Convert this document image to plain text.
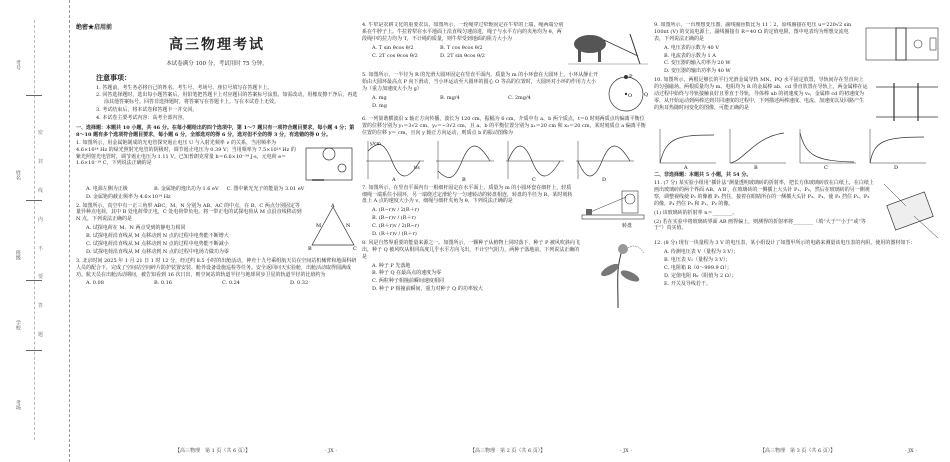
考号
姓名
班级
学校
考场
密
封
线
内
不
要
答
题
绝密★启用前
高三物理考试
本试卷满分 100 分，考试用时 75 分钟。
注意事项：

1. 答题前，考生务必将自己的姓名、考生号、考场号、座位号填写在答题卡上。

2. 回答选择题时，选出每小题答案后，用铅笔把答题卡上对应题目的答案标号涂黑。如需改动，用橡皮擦干净后，再选涂其他答案标号。回答非选择题时，将答案写在答题卡上。写在本试卷上无效。

3. 考试结束后，将本试卷和答题卡一并交回。

4. 本试卷主要考试内容：高考全部内容。

一、选择题：本题共 10 小题，共 46 分。在每小题给出的四个选项中，第 1～7 题只有一项符合题目要求，每小题 4 分；第 8～10 题有多个选项符合题目要求，每小题 6 分，全部选对的得 6 分，选对但不全的得 3 分，有选错的得 0 分。
1. 如图所示，用金属铯制成的光电管探究遏止电压 U 与入射光频率 ν 的关系，当用频率为 4.6×10¹⁴ Hz 的绿光照射光电管的阴极时，调节遏止电压为 0.39 V；当用频率为 7.5×10¹⁴ Hz 的紫光照射光电管时，调节遏止电压为 1.11 V。已知普朗克常量 h＝6.6×10⁻³⁴ J·s，元电荷 e＝1.6×10⁻¹⁹ C，下列说法正确的是
A. 电源左侧为正极	B. 金属铯的逸出功为 1.6 eV C. 图中紫光光子的能量为 3.01 eV
D. 金属铯的截止频率为 4.6×10¹⁴ Hz
2. 如图所示，真空中有一正三角形 ABC，M、N 分别为 AB、AC 的中点，在 B、C 两点分别固定等量异种点电荷，其中 B 处电荷带正电，C 处电荷带负电，将一带正电的试探电荷从 M 点沿直线移动到 N 点，下列说法正确的是
A. 试探电荷在 M、N 两点受到的静电力相同
B. 试探电荷沿直线从 M 点移动到 N 点的过程中电势能不断增大
C. 试探电荷沿直线从 M 点移动到 N 点的过程中电势能不断减小
D. 试探电荷沿直线从 M 点移动到 N 点的过程中电场力做功为零
A
B	C
M	N
3. 北京时间 2025 年 1 月 21 日 1 时 12 分，经过约 8.5 小时的出舱活动，神舟十九号乘组航天员在空间站机械臂和地面科研人员的配合下，完成了空间站空间碎片防护装置安装、舱外设备设施巡检等任务。安全返回问天实验舱，出舱活动取得圆满成功。航天员在出舱活动期间，被告知看到 16 次日出，则空间站的轨道半径与地球同步卫星的轨道半径的比值约为
A. 0.08	B. 0.16	C. 0.24	D. 0.32
4. 牛犁是农耕文化的重要农具，如图所示，一轮绳穿过犁轭固定在牛犁的上端，绳两端分别系在牛脖子上。牛拉着犁在水平地面上沿直线匀速前进，绳子与水平方向的夹角均为 θ，两段绳中的拉力均为 T，不计绳的质量，则牛犁受到地面的阻力大小为
A. T sin θcos θ/2	B. T cos θcos θ/2
C. 2T cos θcos θ/2	D. 2T sin θcos θ/2
5. 如图所示，一半径为 R 的光滑大圆环固定在竖直平面内，质量为 m 的小环套在大圆环上，小环从静止开始由大圆环最高点 P 向下滑动，当小环运动至大圆环的圆心 O 等高的位置时，大圆环对小环的作用力大小为（重力加速度大小为 g）
A. mg	B. mg/4	C. 2mg/4
D. mg
O
P
Q
6. 一列简谐横波沿 x 轴正方向传播，波长为 120 cm，振幅为 6 cm，介质中有 a、b 两个质点，t＝0 时刻两质点均偏离平衡位置的位移分别为 y₁＝3√2 cm、y₂＝−3√2 cm，且 a、b 的平衡位置分别为 x₁＝20 cm 和 x₂＝20 cm，某时刻质点 a 偏离平衡位置的位移 y＝ cm，且向 y 轴正方向运动，则质点 b 的振动图像为
y/cm
t/s
A	B	C	D
7. 如图所示，在竖直平面内有一根细杆固定在水平面上，质量为 m 的小圆环套在细杆上，轻质细绳一端系住小圆环，另一端绕过定滑轮与一匀速转动的转盘相连，转盘的半径为 R，某时刻转盘上 A 点的速度大小为 v，细绳与细杆夹角为 θ，下列说法正确的是
A. (R−r)v / 2(R＋r)
B. (R−r)v / (R＋r)
C. (R＋r)v / 2(R−r)
D. (R＋r)v / (R＋r)
转盘
8. 风是自然界重要的能量来源之一。如图所示，一颗种子从植物上同时落下，种子 P 被风吹斜向飞出，种子 Q 被风吹从相同高度几乎水平方向飞出，不计空气阻力，两种子落地前，下列说法正确的是
A. 种子 P 先落地
B. 种子 Q 在最高点的速度为零
C. 两粒种子相撞前瞬间速度相同
D. 种子 P 相撞前瞬间，重力对种子 Q 的功率较大
9. 如图所示，一台理想变压器，副线圈匝数比为 11∶2，原线圈接在电压 u＝220√2 sin 100πt (V) 的交流电源上，副线圈接有 R＝40 Ω 的定值电阻，图中电表均为理想交流电表，下列说法正确的是
A. 电压表的示数为 40 V
B. 电流表的示数为 1 A
C. 变压器的输入功率为 20 W
D. 变压器的输出功率为 40 W
10. 如图所示，两根足够长的平行光滑金属导轨 MN、PQ 水平固定放置，导轨间存在竖直向上的匀强磁场。两根质量均为 m、电阻均为 R 的金属棒 ab、cd 垂直放置在导轨上，两金属棒在运动过程中始终与导轨接触良好且垂直于导轨，导体棒 ab 的初速度为 v₀，金属棒 cd 的初速度为零，从开始运动到两棒达到共同速度的过程中，下列描述两棒速度、电流、加速度以及回路产生的焦耳热随时间变化的图像，可能正确的是
A	B	C	D
二、非选择题：本题共 5 小题，共 54 分。
11. (7 分) 某实验小组用“插针法”测量透明玻璃砖的折射率，把长方体玻璃砖放在白纸上，在白纸上画出玻璃砖的两个界面 AB、A′B′，在玻璃砖的一侧插上大头针 P₁、P₂，然后在玻璃砖的另一侧观察，调整视线使 P₁ 的像被 P₂ 挡住，接着在眼睛所在的一侧插大头针 P₃、P₄，使 P₃ 挡住 P₁、P₂ 的像，P₄ 挡住 P₃ 和 P₁、P₂ 的像。
(1) 该玻璃砖的折射率 n＝________。
(2) 若在实验中将玻璃砖界面 AB 画得偏上，则测得的折射率将________（填“大于”“小于”或“等于”）真实值。
12. (8 分) 现有一块量程为 3 V 的电压表，某小组设计了如图甲所示的电路来测量该电压表的内阻，使用的器材如下：
A. 待测电压表 V（量程为 3 V）；
B. 电压表 V₁（量程为 3 V）；
C. 电阻箱 R（0～999.9 Ω）；
D. 定值电阻 R₀（阻值为 2 Ω）；
E. 开关及导线若干。
【高三物理　第 1 页（共 6 页）】	· JX ·	【高三物理　第 2 页（共 6 页）】	· JX ·	【高三物理　第 3 页（共 6 页）】	· JX ·
